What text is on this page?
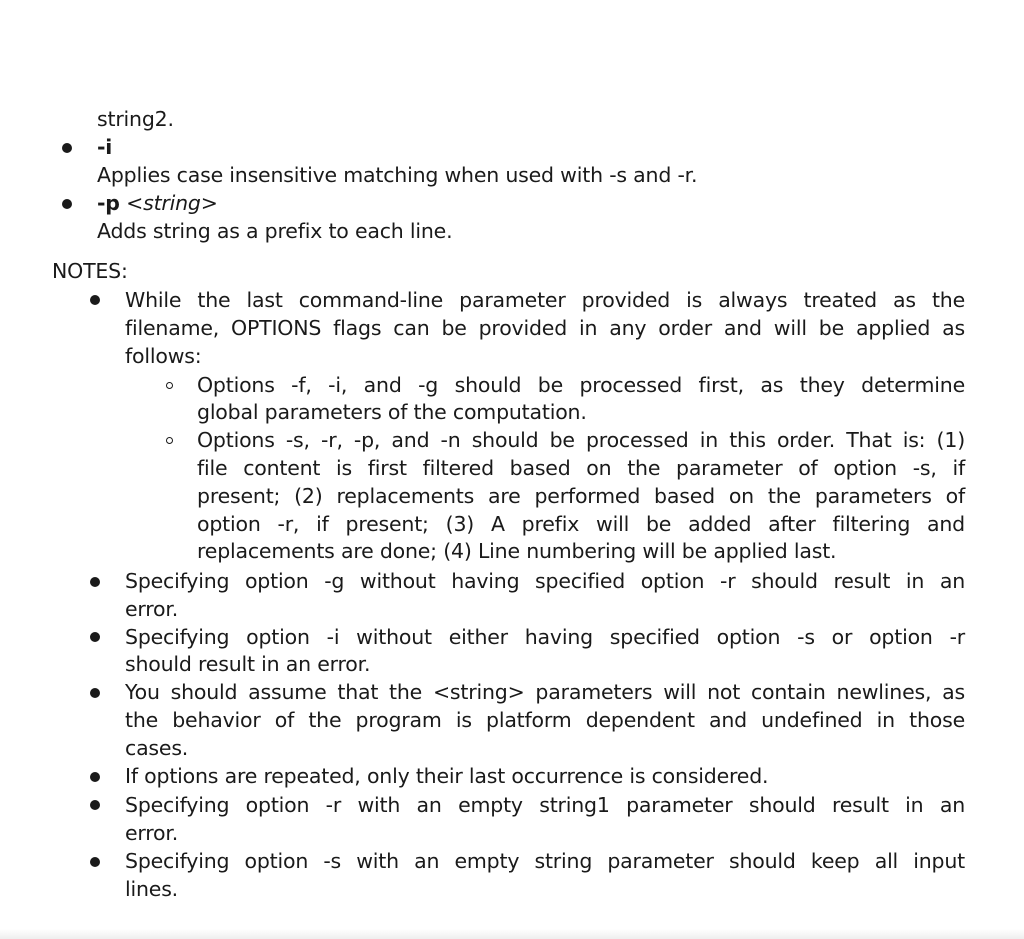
string2.
-i
Applies case insensitive matching when used with -s and -r.
-p <string>
Adds string as a prefix to each line.
NOTES:
While the last command-line parameter provided is always treated as the
filename, OPTIONS flags can be provided in any order and will be applied as
follows:
Options -f, -i, and -g should be processed first, as they determine
global parameters of the computation.
Options -s, -r, -p, and -n should be processed in this order. That is: (1)
file content is first filtered based on the parameter of option -s, if
present; (2) replacements are performed based on the parameters of
option -r, if present; (3) A prefix will be added after filtering and
replacements are done; (4) Line numbering will be applied last.
Specifying option -g without having specified option -r should result in an
error.
Specifying option -i without either having specified option -s or option -r
should result in an error.
You should assume that the <string> parameters will not contain newlines, as
the behavior of the program is platform dependent and undefined in those
cases.
If options are repeated, only their last occurrence is considered.
Specifying option -r with an empty string1 parameter should result in an
error.
Specifying option -s with an empty string parameter should keep all input
lines.
